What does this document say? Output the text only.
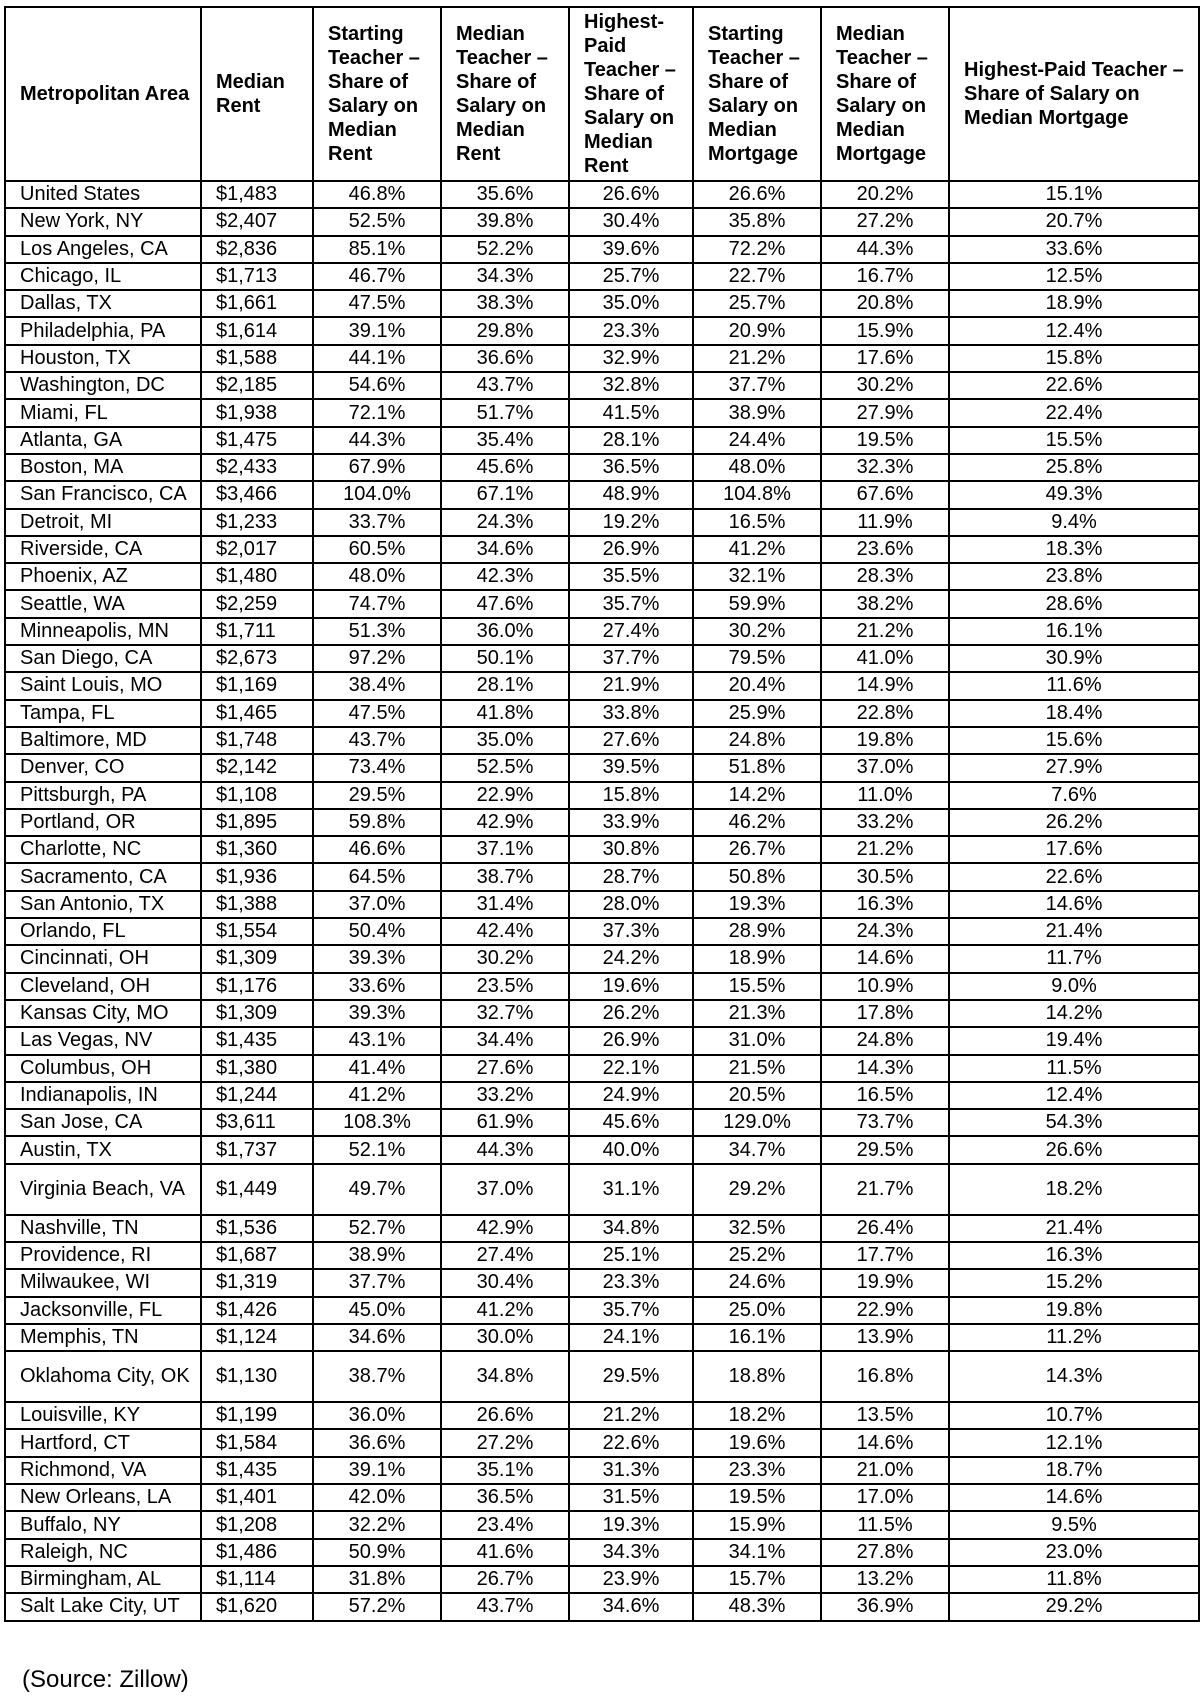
Metropolitan Area	Median Rent	Starting Teacher – Share of Salary on Median Rent	Median Teacher – Share of Salary on Median Rent	Highest-Paid Teacher – Share of Salary on Median Rent	Starting Teacher – Share of Salary on Median Mortgage	Median Teacher – Share of Salary on Median Mortgage	Highest-Paid Teacher – Share of Salary on Median Mortgage
United States	$1,483	46.8%	35.6%	26.6%	26.6%	20.2%	15.1%
New York, NY	$2,407	52.5%	39.8%	30.4%	35.8%	27.2%	20.7%
Los Angeles, CA	$2,836	85.1%	52.2%	39.6%	72.2%	44.3%	33.6%
Chicago, IL	$1,713	46.7%	34.3%	25.7%	22.7%	16.7%	12.5%
Dallas, TX	$1,661	47.5%	38.3%	35.0%	25.7%	20.8%	18.9%
Philadelphia, PA	$1,614	39.1%	29.8%	23.3%	20.9%	15.9%	12.4%
Houston, TX	$1,588	44.1%	36.6%	32.9%	21.2%	17.6%	15.8%
Washington, DC	$2,185	54.6%	43.7%	32.8%	37.7%	30.2%	22.6%
Miami, FL	$1,938	72.1%	51.7%	41.5%	38.9%	27.9%	22.4%
Atlanta, GA	$1,475	44.3%	35.4%	28.1%	24.4%	19.5%	15.5%
Boston, MA	$2,433	67.9%	45.6%	36.5%	48.0%	32.3%	25.8%
San Francisco, CA	$3,466	104.0%	67.1%	48.9%	104.8%	67.6%	49.3%
Detroit, MI	$1,233	33.7%	24.3%	19.2%	16.5%	11.9%	9.4%
Riverside, CA	$2,017	60.5%	34.6%	26.9%	41.2%	23.6%	18.3%
Phoenix, AZ	$1,480	48.0%	42.3%	35.5%	32.1%	28.3%	23.8%
Seattle, WA	$2,259	74.7%	47.6%	35.7%	59.9%	38.2%	28.6%
Minneapolis, MN	$1,711	51.3%	36.0%	27.4%	30.2%	21.2%	16.1%
San Diego, CA	$2,673	97.2%	50.1%	37.7%	79.5%	41.0%	30.9%
Saint Louis, MO	$1,169	38.4%	28.1%	21.9%	20.4%	14.9%	11.6%
Tampa, FL	$1,465	47.5%	41.8%	33.8%	25.9%	22.8%	18.4%
Baltimore, MD	$1,748	43.7%	35.0%	27.6%	24.8%	19.8%	15.6%
Denver, CO	$2,142	73.4%	52.5%	39.5%	51.8%	37.0%	27.9%
Pittsburgh, PA	$1,108	29.5%	22.9%	15.8%	14.2%	11.0%	7.6%
Portland, OR	$1,895	59.8%	42.9%	33.9%	46.2%	33.2%	26.2%
Charlotte, NC	$1,360	46.6%	37.1%	30.8%	26.7%	21.2%	17.6%
Sacramento, CA	$1,936	64.5%	38.7%	28.7%	50.8%	30.5%	22.6%
San Antonio, TX	$1,388	37.0%	31.4%	28.0%	19.3%	16.3%	14.6%
Orlando, FL	$1,554	50.4%	42.4%	37.3%	28.9%	24.3%	21.4%
Cincinnati, OH	$1,309	39.3%	30.2%	24.2%	18.9%	14.6%	11.7%
Cleveland, OH	$1,176	33.6%	23.5%	19.6%	15.5%	10.9%	9.0%
Kansas City, MO	$1,309	39.3%	32.7%	26.2%	21.3%	17.8%	14.2%
Las Vegas, NV	$1,435	43.1%	34.4%	26.9%	31.0%	24.8%	19.4%
Columbus, OH	$1,380	41.4%	27.6%	22.1%	21.5%	14.3%	11.5%
Indianapolis, IN	$1,244	41.2%	33.2%	24.9%	20.5%	16.5%	12.4%
San Jose, CA	$3,611	108.3%	61.9%	45.6%	129.0%	73.7%	54.3%
Austin, TX	$1,737	52.1%	44.3%	40.0%	34.7%	29.5%	26.6%
Virginia Beach, VA	$1,449	49.7%	37.0%	31.1%	29.2%	21.7%	18.2%
Nashville, TN	$1,536	52.7%	42.9%	34.8%	32.5%	26.4%	21.4%
Providence, RI	$1,687	38.9%	27.4%	25.1%	25.2%	17.7%	16.3%
Milwaukee, WI	$1,319	37.7%	30.4%	23.3%	24.6%	19.9%	15.2%
Jacksonville, FL	$1,426	45.0%	41.2%	35.7%	25.0%	22.9%	19.8%
Memphis, TN	$1,124	34.6%	30.0%	24.1%	16.1%	13.9%	11.2%
Oklahoma City, OK	$1,130	38.7%	34.8%	29.5%	18.8%	16.8%	14.3%
Louisville, KY	$1,199	36.0%	26.6%	21.2%	18.2%	13.5%	10.7%
Hartford, CT	$1,584	36.6%	27.2%	22.6%	19.6%	14.6%	12.1%
Richmond, VA	$1,435	39.1%	35.1%	31.3%	23.3%	21.0%	18.7%
New Orleans, LA	$1,401	42.0%	36.5%	31.5%	19.5%	17.0%	14.6%
Buffalo, NY	$1,208	32.2%	23.4%	19.3%	15.9%	11.5%	9.5%
Raleigh, NC	$1,486	50.9%	41.6%	34.3%	34.1%	27.8%	23.0%
Birmingham, AL	$1,114	31.8%	26.7%	23.9%	15.7%	13.2%	11.8%
Salt Lake City, UT	$1,620	57.2%	43.7%	34.6%	48.3%	36.9%	29.2%
(Source: Zillow)
